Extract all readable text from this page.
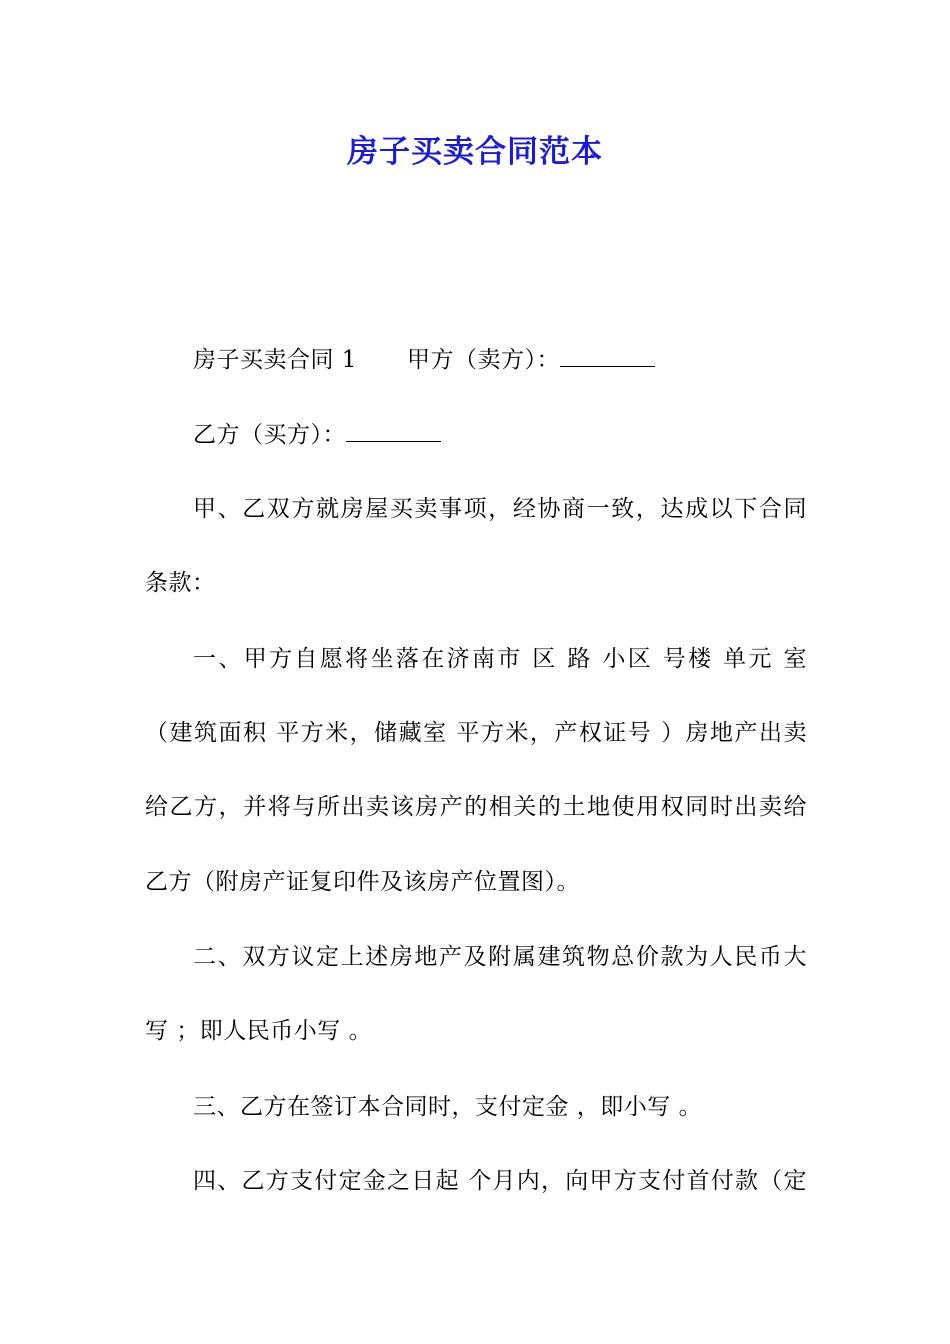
房子买卖合同范本
房子买卖合同 1 甲方（卖方）：
乙方（买方）：
甲、乙双方就房屋买卖事项，经协商一致，达成以下合同
条款：
一、甲方自愿将坐落在济南市 区 路 小区 号楼 单元 室
（建筑面积 平方米，储藏室 平方米，产权证号 ）房地产出卖
给乙方，并将与所出卖该房产的相关的土地使用权同时出卖给
乙方（附房产证复印件及该房产位置图）。
二、双方议定上述房地产及附属建筑物总价款为人民币大
写 ；即人民币小写 。
三、乙方在签订本合同时，支付定金 ，即小写 。
四、乙方支付定金之日起 个月内，向甲方支付首付款（定
